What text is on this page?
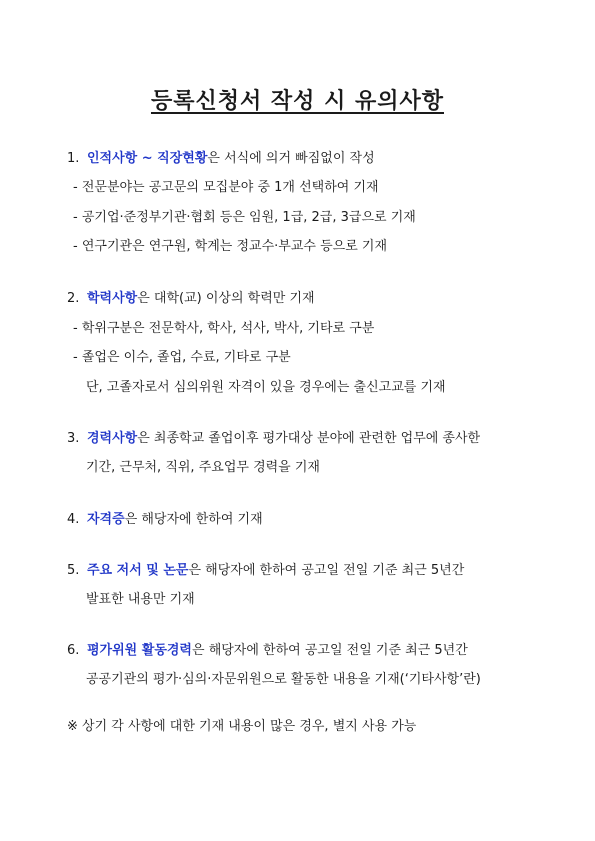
등록신청서 작성 시 유의사항
1. 인적사항 ~ 직장현황은 서식에 의거 빠짐없이 작성
- 전문분야는 공고문의 모집분야 중 1개 선택하여 기재
- 공기업·준정부기관·협회 등은 임원, 1급, 2급, 3급으로 기재
- 연구기관은 연구원, 학계는 정교수·부교수 등으로 기재
2. 학력사항은 대학(교) 이상의 학력만 기재
- 학위구분은 전문학사, 학사, 석사, 박사, 기타로 구분
- 졸업은 이수, 졸업, 수료, 기타로 구분
단, 고졸자로서 심의위원 자격이 있을 경우에는 출신고교를 기재
3. 경력사항은 최종학교 졸업이후 평가대상 분야에 관련한 업무에 종사한
기간, 근무처, 직위, 주요업무 경력을 기재
4. 자격증은 해당자에 한하여 기재
5. 주요 저서 및 논문은 해당자에 한하여 공고일 전일 기준 최근 5년간
발표한 내용만 기재
6. 평가위원 활동경력은 해당자에 한하여 공고일 전일 기준 최근 5년간
공공기관의 평가·심의·자문위원으로 활동한 내용을 기재(‘기타사항’란)
※ 상기 각 사항에 대한 기재 내용이 많은 경우, 별지 사용 가능
